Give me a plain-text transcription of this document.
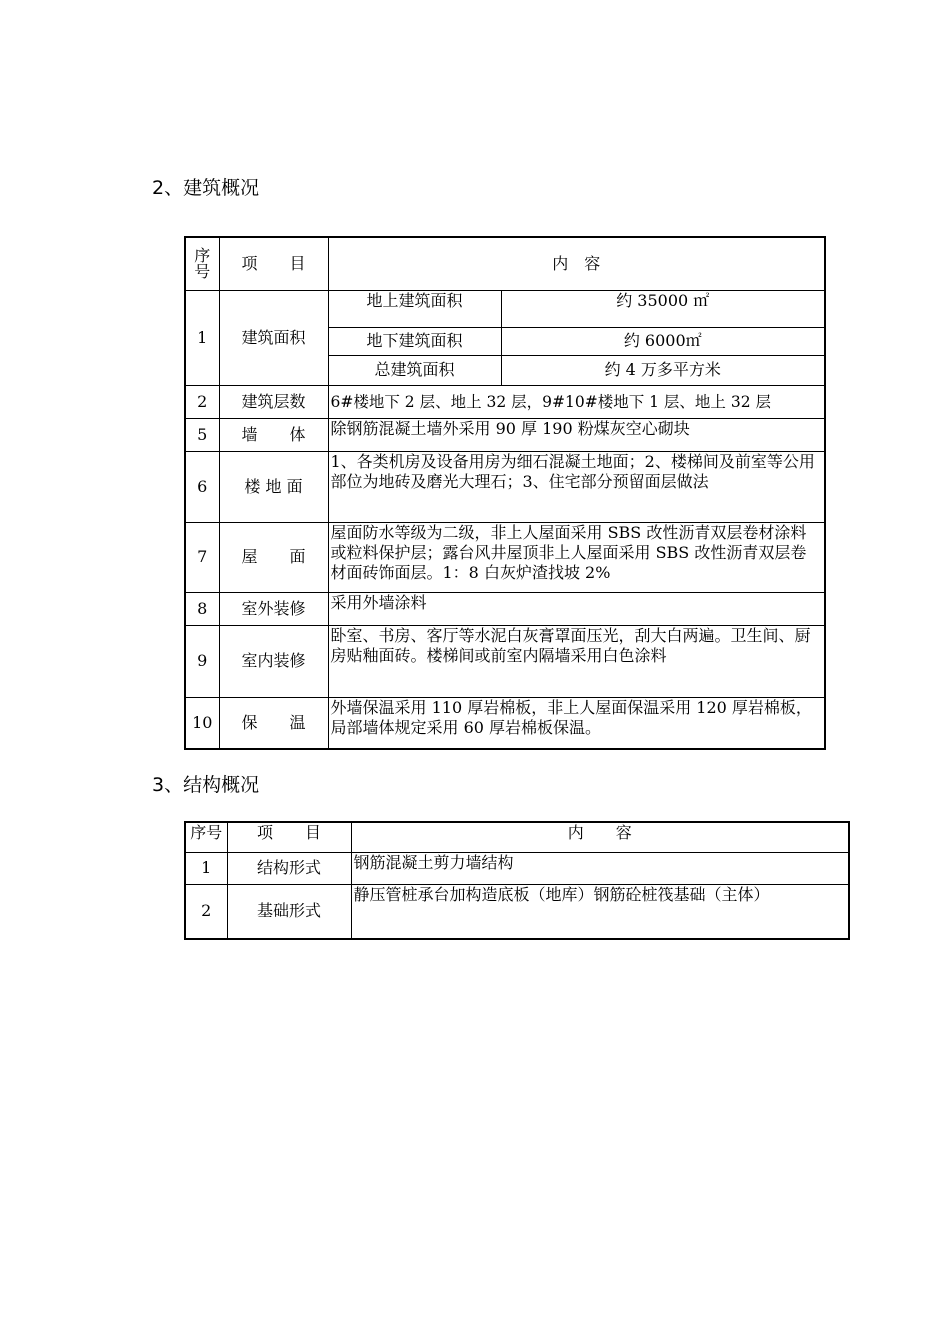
2、建筑概况
序
号	项　　目	内　容	
1	建筑面积	地上建筑面积	约 35000 ㎡
		地下建筑面积	约 6000㎡
		总建筑面积	约 4 万多平方米
2	建筑层数	6#楼地下 2 层、地上 32 层，9#10#楼地下 1 层、地上 32 层	
5	墙　　体	除钢筋混凝土墙外采用 90 厚 190 粉煤灰空心砌块	
6	楼 地 面	1、各类机房及设备用房为细石混凝土地面；2、楼梯间及前室等公用部位为地砖及磨光大理石；3、住宅部分预留面层做法	
7	屋　　面	屋面防水等级为二级，非上人屋面采用 SBS 改性沥青双层卷材涂料或粒料保护层；露台风井屋顶非上人屋面采用 SBS 改性沥青双层卷材面砖饰面层。1：8 白灰炉渣找坡 2%	
8	室外装修	采用外墙涂料	
9	室内装修	卧室、书房、客厅等水泥白灰膏罩面压光，刮大白两遍。卫生间、厨房贴釉面砖。楼梯间或前室内隔墙采用白色涂料	
10	保　　温	外墙保温采用 110 厚岩棉板，非上人屋面保温采用 120 厚岩棉板，局部墙体规定采用 60 厚岩棉板保温。	
3、结构概况
序号	项　　目	内　　容
1	结构形式	钢筋混凝土剪力墙结构
2	基础形式	静压管桩承台加构造底板（地库）钢筋砼桩筏基础（主体）
